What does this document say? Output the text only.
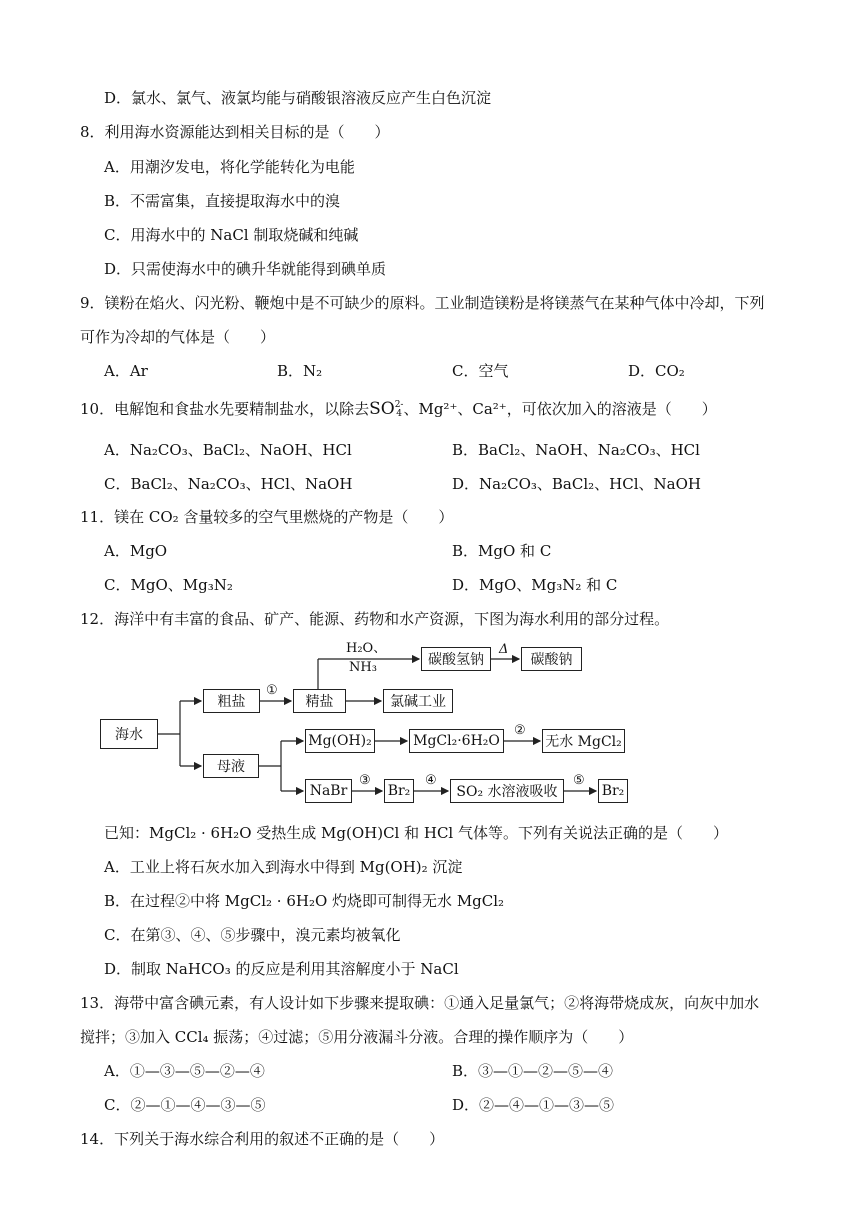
D．氯水、氯气、液氯均能与硝酸银溶液反应产生白色沉淀
8．利用海水资源能达到相关目标的是（　　）
A．用潮汐发电，将化学能转化为电能
B．不需富集，直接提取海水中的溴
C．用海水中的 NaCl 制取烧碱和纯碱
D．只需使海水中的碘升华就能得到碘单质
9．镁粉在焰火、闪光粉、鞭炮中是不可缺少的原料。工业制造镁粉是将镁蒸气在某种气体中冷却，下列
可作为冷却的气体是（　　）
A．Ar	B．N₂	C．空气	D．CO₂
10．电解饱和食盐水先要精制盐水，以除去SO 2-
4 、Mg²⁺、Ca²⁺，可依次加入的溶液是（　　）
A．Na₂CO₃、BaCl₂、NaOH、HCl	B．BaCl₂、NaOH、Na₂CO₃、HCl
C．BaCl₂、Na₂CO₃、HCl、NaOH	D．Na₂CO₃、BaCl₂、HCl、NaOH
11．镁在 CO₂ 含量较多的空气里燃烧的产物是（　　）
A．MgO	B．MgO 和 C
C．MgO、Mg₃N₂	D．MgO、Mg₃N₂ 和 C
12．海洋中有丰富的食品、矿产、能源、药物和水产资源，下图为海水利用的部分过程。
海水
粗盐	精盐
碳酸氢钠	碳酸钠
氯碱工业
母液
Mg(OH)₂	MgCl₂·6H₂O	无水 MgCl₂
NaBr	Br₂	SO₂ 水溶液吸收	Br₂
H₂O、
NH₃
Δ
①
②
③	④	⑤
已知：MgCl₂ · 6H₂O 受热生成 Mg(OH)Cl 和 HCl 气体等。下列有关说法正确的是（　　）
A．工业上将石灰水加入到海水中得到 Mg(OH)₂ 沉淀
B．在过程②中将 MgCl₂ · 6H₂O 灼烧即可制得无水 MgCl₂
C．在第③、④、⑤步骤中，溴元素均被氧化
D．制取 NaHCO₃ 的反应是利用其溶解度小于 NaCl
13．海带中富含碘元素，有人设计如下步骤来提取碘：①通入足量氯气；②将海带烧成灰，向灰中加水
搅拌；③加入 CCl₄ 振荡；④过滤；⑤用分液漏斗分液。合理的操作顺序为（　　）
A．①—③—⑤—②—④	B．③—①—②—⑤—④
C．②—①—④—③—⑤	D．②—④—①—③—⑤
14．下列关于海水综合利用的叙述不正确的是（　　）
